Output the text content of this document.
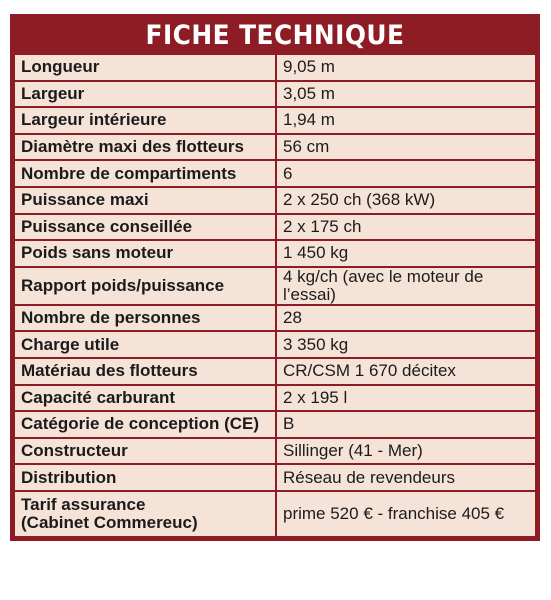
FICHE TECHNIQUE
Longueur	9,05 m
Largeur	3,05 m
Largeur intérieure	1,94 m
Diamètre maxi des flotteurs	56 cm
Nombre de compartiments	6
Puissance maxi	2 x 250 ch (368 kW)
Puissance conseillée	2 x 175 ch
Poids sans moteur	1 450 kg
Rapport poids/puissance	4 kg/ch (avec le moteur de l’essai)
Nombre de personnes	28
Charge utile	3 350 kg
Matériau des flotteurs	CR/CSM 1 670 décitex
Capacité carburant	2 x 195 l
Catégorie de conception (CE)	B
Constructeur	Sillinger (41 - Mer)
Distribution	Réseau de revendeurs

Tarif assurance
(Cabinet Commereuc)	prime 520 € - franchise 405 €
